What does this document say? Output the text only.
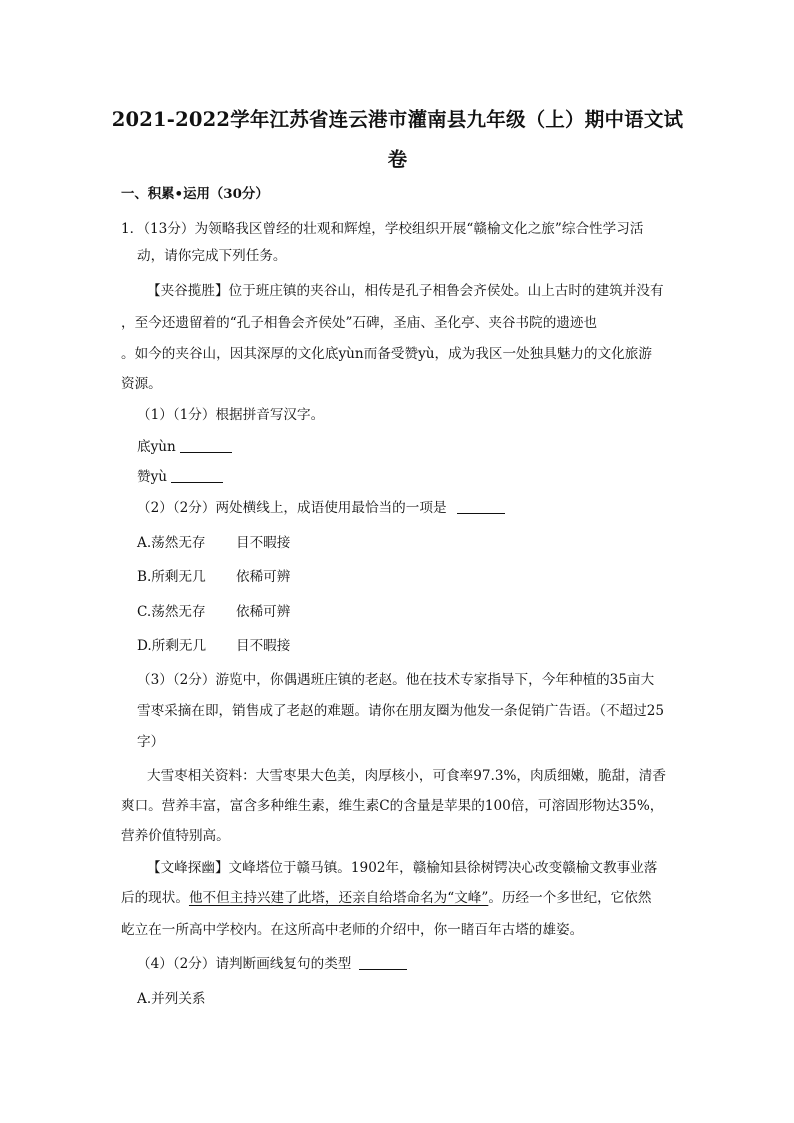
2021-2022学年江苏省连云港市灌南县九年级（上）期中语文试
卷
一、积累•运用（30分）
1．（13分）为领略我区曾经的壮观和辉煌，学校组织开展“赣榆文化之旅”综合性学习活
动，请你完成下列任务。
【夹谷揽胜】位于班庄镇的夹谷山，相传是孔子相鲁会齐侯处。山上古时的建筑并没有
，至今还遗留着的“孔子相鲁会齐侯处”石碑，圣庙、圣化亭、夹谷书院的遗迹也
。如今的夹谷山，因其深厚的文化底yùn而备受赞yù，成为我区一处独具魅力的文化旅游
资源。
（1）（1分）根据拼音写汉字。
底yùn
赞yù
（2）（2分）两处横线上，成语使用最恰当的一项是
A.荡然无存 目不暇接
B.所剩无几 依稀可辨
C.荡然无存 依稀可辨
D.所剩无几 目不暇接
（3）（2分）游览中，你偶遇班庄镇的老赵。他在技术专家指导下，今年种植的35亩大
雪枣采摘在即，销售成了老赵的难题。请你在朋友圈为他发一条促销广告语。（不超过25
字）
大雪枣相关资料：大雪枣果大色美，肉厚核小，可食率97.3%，肉质细嫩，脆甜，清香
爽口。营养丰富，富含多种维生素，维生素C的含量是苹果的100倍，可溶固形物达35%，
营养价值特别高。
【文峰探幽】文峰塔位于赣马镇。1902年，赣榆知县徐树锷决心改变赣榆文教事业落
后的现状。他不但主持兴建了此塔，还亲自给塔命名为“文峰”。历经一个多世纪，它依然
屹立在一所高中学校内。在这所高中老师的介绍中，你一睹百年古塔的雄姿。
（4）（2分）请判断画线复句的类型
A.并列关系
